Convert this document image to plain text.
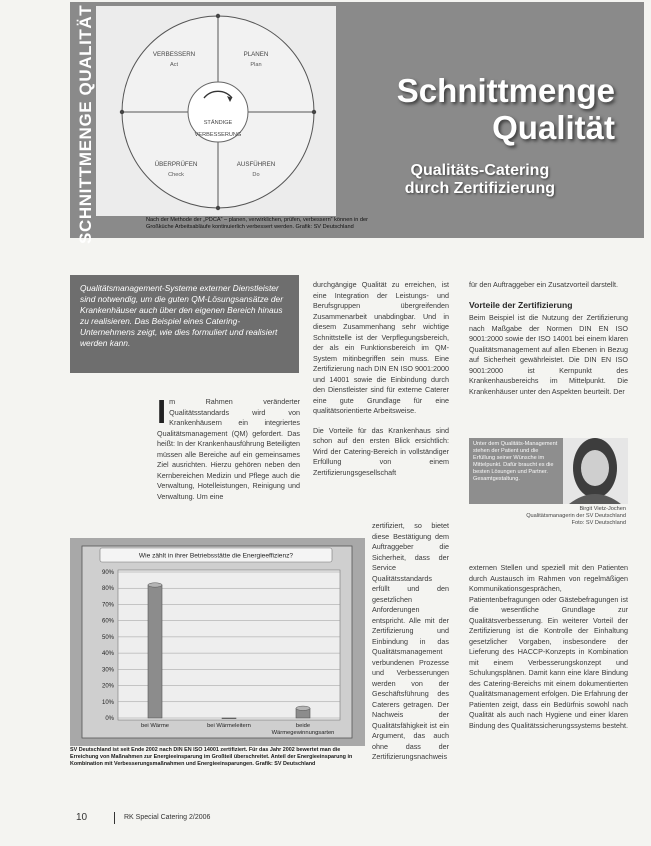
SCHNITTMENGE QUALITÄT	VERBESSERN
Act
PLANEN
Plan
ÜBERPRÜFEN
Check
AUSFÜHREN
Do
STÄNDIGE
VERBESSERUNG
Nach der Methode der „PDCA“ – planen, verwirklichen, prüfen, verbessern“ können in der Großküche Arbeitsabläufe kontinuierlich verbessert werden. Grafik: SV Deutschland
Schnittmenge
Qualität
Qualitäts-Catering
durch Zertifizierung
Qualitätsmanagement-Systeme externer Dienstleister sind notwendig, um die guten QM-Lösungsansätze der Krankenhäuser auch über den eigenen Bereich hinaus zu realisieren. Das Beispiel eines Catering-Unternehmens zeigt, wie dies formuliert und realisiert werden kann.

Im Rahmen veränderter Qualitätsstandards wird von Krankenhäusern ein integriertes Qualitätsmanagement (QM) gefordert. Das heißt: In der Krankenhausführung Beteiligten müssen alle Bereiche auf ein gemeinsames Ziel ausrichten. Hierzu gehören neben den Kernbereichen Medizin und Pflege auch die Verwaltung, Hotelleistungen, Reinigung und Verwaltung. Um eine

durchgängige Qualität zu erreichen, ist eine Integration der Leistungs- und Berufsgruppen übergreifenden Zusammenarbeit unabdingbar. Und in diesem Zusammenhang sehr wichtige Schnittstelle ist der Verpflegungsbereich, der als ein Funktionsbereich im QM-System mitinbegriffen sein muss. Eine Zertifizierung nach DIN EN ISO 9001:2000 und 14001 sowie die Einbindung durch den Dienstleister sind für externe Caterer eine gute Grundlage für eine qualitätsorientierte Arbeitsweise.

Die Vorteile für das Krankenhaus sind schon auf den ersten Blick ersichtlich: Wird der Catering-Bereich in vollständiger Erfüllung von einem Zertifizierungsgesellschaft

zertifiziert, so bietet diese Bestätigung dem Auftraggeber die Sicherheit, dass der Service Qualitätsstandards erfüllt und den gesetzlichen Anforderungen entspricht. Alle mit der Zertifizierung und Einbindung in das Qualitätsmanagement verbundenen Prozesse und Verbesserungen werden von der Geschäftsführung des Caterers getragen. Der Nachweis der Qualitätsfähigkeit ist ein Argument, das auch ohne dass der Zertifizierungsnachweis

für den Auftraggeber ein Zusatzvorteil darstellt.

Vorteile der Zertifizierung

Beim Beispiel ist die Nutzung der Zertifizierung nach Maßgabe der Normen DIN EN ISO 9001:2000 sowie der ISO 14001 bei einem klaren Qualitätsmanagement auf allen Ebenen in Bezug auf Sicherheit gewährleistet. Die DIN EN ISO 9001:2000 ist Kernpunkt des Krankenhausbereichs im Mittelpunkt. Die Krankenhäuser unter den Aspekten beurteilt. Der

Unter dem Qualitäts-Management stehen der Patient und die Erfüllung seiner Wünsche im Mittelpunkt. Dafür braucht es die besten Lösungen und Partner. Gesamtgestaltung.
Birgit Vietz-Jochen
Qualitätsmanagerin der SV Deutschland
Foto: SV Deutschland

externen Stellen und speziell mit den Patienten durch Austausch im Rahmen von regelmäßigen Kommunikationsgesprächen, Patientenbefragungen oder Gästebefragungen ist die wesentliche Grundlage zur Qualitätsverbesserung. Ein weiterer Vorteil der Zertifizierung ist die Kontrolle der Einhaltung gesetzlicher Vorgaben, insbesondere der Lieferung des HACCP-Konzepts in Kombination mit einem Verbesserungskonzept und Schulungsplänen. Damit kann eine klare Bindung des Catering-Bereichs mit einem dokumentierten Qualitätsmanagement erfolgen. Die Erfahrung der Patienten zeigt, dass ein Bedürfnis sowohl nach Qualität als auch nach Hygiene und einer klaren Bindung des Qualitätssicherungssystems besteht.

Wie zählt in ihrer Betriebsstätte die Energieeffizienz?
0%
10%
20%
30%
40%
50%
60%
70%
80%
90%
bei Wärme	bei Wärmeleitern	beide
Wärmegewinnungsarten
SV Deutschland ist seit Ende 2002 nach DIN EN ISO 14001 zertifiziert. Für das Jahr 2002 bewertet man die Erreichung von Maßnahmen zur Energieeinsparung im Großteil überschreitet. Anteil der Energieeinsparung in Kombination mit Verbesserungsmaßnahmen und Energieeinsparungen. Grafik: SV Deutschland
10	RK Special Catering 2/2006
